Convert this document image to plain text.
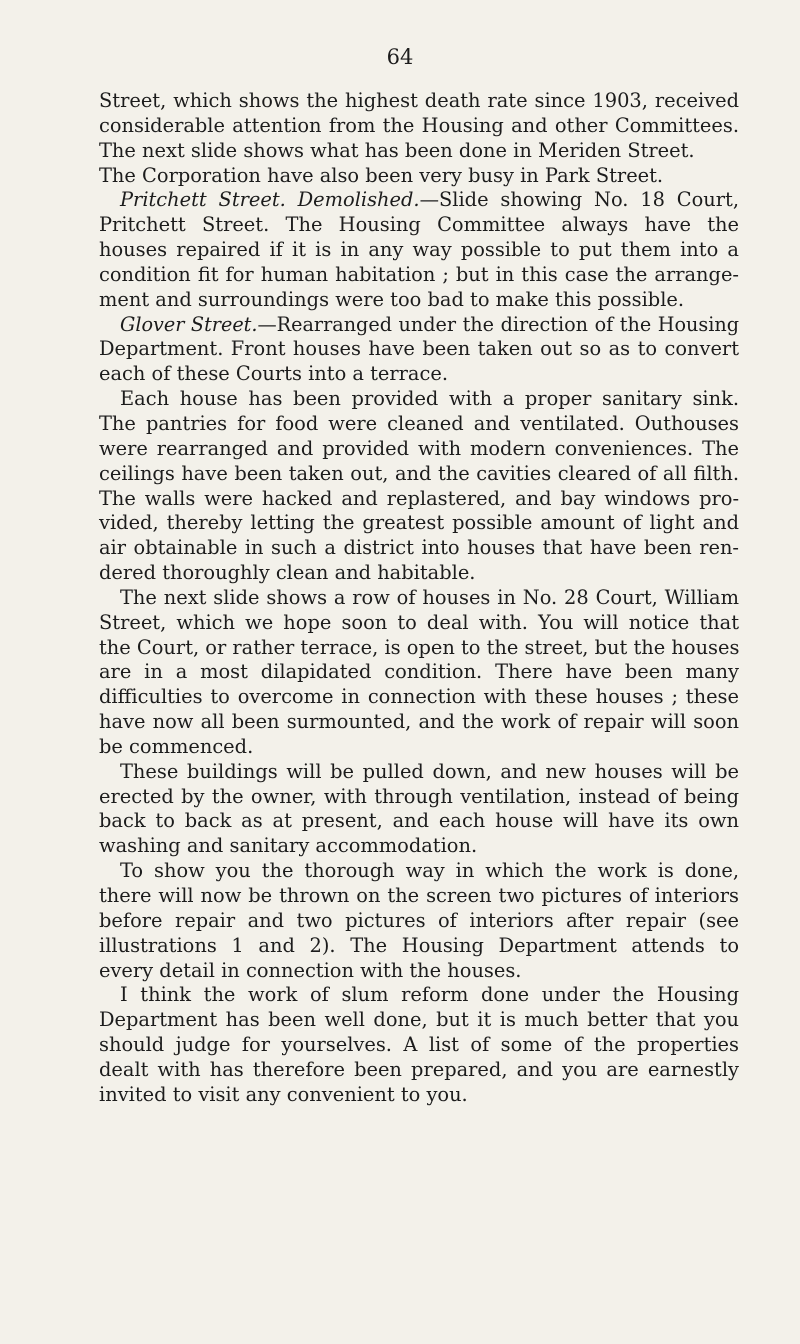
64
Street, which shows the highest death rate since 1903, received
considerable attention from the Housing and other Committees.
The next slide shows what has been done in Meriden Street.
The Corporation have also been very busy in Park Street.
Pritchett Street. Demolished.—Slide showing No. 18 Court,
Pritchett Street. The Housing Committee always have the
houses repaired if it is in any way possible to put them into a
condition fit for human habitation ; but in this case the arrange-
ment and surroundings were too bad to make this possible.
Glover Street.—Rearranged under the direction of the Housing
Department. Front houses have been taken out so as to convert
each of these Courts into a terrace.
Each house has been provided with a proper sanitary sink.
The pantries for food were cleaned and ventilated. Outhouses
were rearranged and provided with modern conveniences. The
ceilings have been taken out, and the cavities cleared of all filth.
The walls were hacked and replastered, and bay windows pro-
vided, thereby letting the greatest possible amount of light and
air obtainable in such a district into houses that have been ren-
dered thoroughly clean and habitable.
The next slide shows a row of houses in No. 28 Court, William
Street, which we hope soon to deal with. You will notice that
the Court, or rather terrace, is open to the street, but the houses
are in a most dilapidated condition. There have been many
difficulties to overcome in connection with these houses ; these
have now all been surmounted, and the work of repair will soon
be commenced.
These buildings will be pulled down, and new houses will be
erected by the owner, with through ventilation, instead of being
back to back as at present, and each house will have its own
washing and sanitary accommodation.
To show you the thorough way in which the work is done,
there will now be thrown on the screen two pictures of interiors
before repair and two pictures of interiors after repair (see
illustrations 1 and 2). The Housing Department attends to
every detail in connection with the houses.
I think the work of slum reform done under the Housing
Department has been well done, but it is much better that you
should judge for yourselves. A list of some of the properties
dealt with has therefore been prepared, and you are earnestly
invited to visit any convenient to you.
